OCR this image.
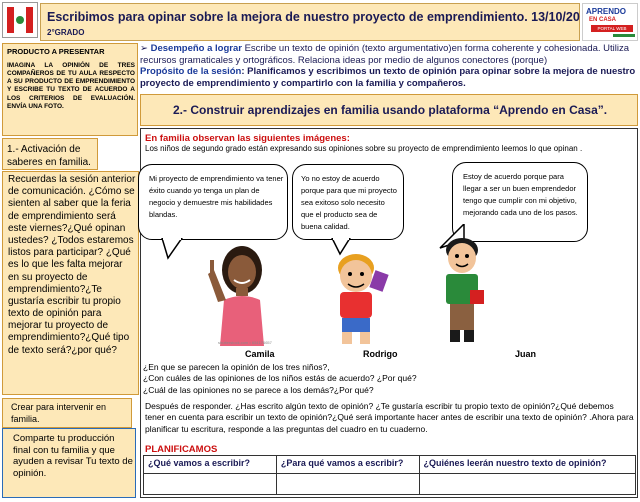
Escribimos para opinar sobre la mejora de nuestro proyecto de emprendimiento. 13/10/20
2°GRADO
APRENDO
EN CASA
PORTAL WEB
PRODUCTO A PRESENTAR
IMAGINA LA OPINIÓN DE TRES COMPAÑEROS DE TU AULA RESPECTO A SU PRODUCTO DE EMPRENDIMIENTO Y ESCRIBE TU TEXTO DE ACUERDO A LOS CRITERIOS DE EVALUACIÓN. ENVÍA UNA FOTO.
1.- Activación de saberes en familia.
Recuerdas la sesión anterior de comunicación. ¿Cómo se sienten al saber que la feria de emprendimiento será este viernes?¿Qué opinan ustedes? ¿Todos estaremos listos para participar? ¿Qué es lo que les falta mejorar en su proyecto de emprendimiento?¿Te gustaría escribir tu propio texto de opinión para mejorar tu proyecto de emprendimiento?¿Qué tipo de texto será?¿por qué?
Crear para intervenir en familia.
Comparte tu producción final con tu familia y que ayuden a revisar Tu texto de opinión.
➢ Desempeño a lograr Escribe un texto de opinión (texto argumentativo)en forma coherente y cohesionada. Utiliza recursos gramaticales y ortográficos. Relaciona ideas por medio de algunos conectores (porque)
Propósito de la sesión: Planificamos y escribimos un texto de opinión para opinar sobre la mejora de nuestro proyecto de emprendimiento y compartirlo con la familia y compañeros.
2.- Construir aprendizajes en familia usando plataforma “Aprendo en Casa”.
En familia observan las siguientes imágenes:
Los niños de segundo grado están expresando sus opiniones sobre su proyecto de emprendimiento leemos lo que opinan .
Mi proyecto de emprendimiento va tener éxito cuando yo tenga un plan de negocio y demuestre mis habilidades blandas.
Yo no estoy de acuerdo porque para que mi proyecto sea exitoso solo necesito que el producto sea de buena calidad.
Estoy de acuerdo porque para llegar a ser un buen emprendedor tengo que cumplir con mi objetivo, mejorando cada uno de los pasos.
shutterstock.com • 654176657
Camila	Rodrigo	Juan
¿En que se parecen la opinión de los tres niños?,
¿Con cuáles de las opiniones de los niños estás de acuerdo? ¿Por qué?
¿Cuál de las opiniones no se parece a los demás?¿Por qué?
Después de responder. ¿Has escrito algún texto de opinión? ¿Te gustaría escribir tu propio texto de opinión?¿Qué debemos tener en cuenta para escribir un texto de opinión?¿Qué será importante hacer antes de escribir una texto de opinión? .Ahora para planificar tu escritura, responde a las preguntas del cuadro en tu cuaderno.
PLANIFICAMOS
¿Qué vamos a escribir?	¿Para qué vamos a escribir?	¿Quiénes leerán nuestro texto de opinión?
